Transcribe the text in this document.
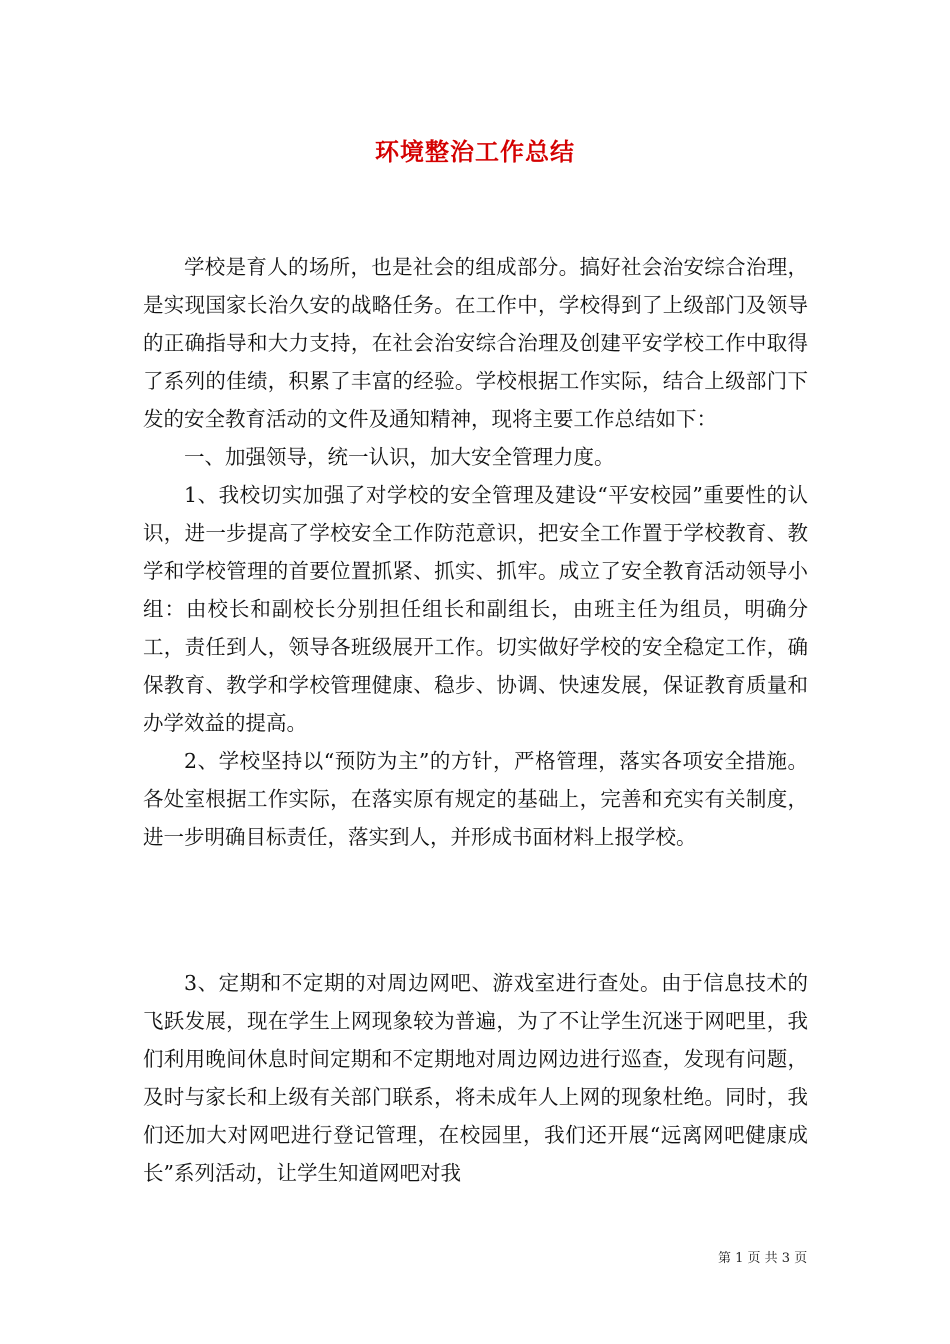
环境整治工作总结

学校是育人的场所，也是社会的组成部分。搞好社会治安综合治理，是实现国家长治久安的战略任务。在工作中，学校得到了上级部门及领导的正确指导和大力支持，在社会治安综合治理及创建平安学校工作中取得了系列的佳绩，积累了丰富的经验。学校根据工作实际，结合上级部门下发的安全教育活动的文件及通知精神，现将主要工作总结如下：

一、加强领导，统一认识，加大安全管理力度。

1、我校切实加强了对学校的安全管理及建设“平安校园”重要性的认识，进一步提高了学校安全工作防范意识，把安全工作置于学校教育、教学和学校管理的首要位置抓紧、抓实、抓牢。成立了安全教育活动领导小组：由校长和副校长分别担任组长和副组长，由班主任为组员，明确分工，责任到人，领导各班级展开工作。切实做好学校的安全稳定工作，确保教育、教学和学校管理健康、稳步、协调、快速发展，保证教育质量和办学效益的提高。

2、学校坚持以“预防为主”的方针，严格管理，落实各项安全措施。各处室根据工作实际，在落实原有规定的基础上，完善和充实有关制度，进一步明确目标责任，落实到人，并形成书面材料上报学校。

3、定期和不定期的对周边网吧、游戏室进行查处。由于信息技术的飞跃发展，现在学生上网现象较为普遍，为了不让学生沉迷于网吧里，我们利用晚间休息时间定期和不定期地对周边网边进行巡查，发现有问题，及时与家长和上级有关部门联系，将未成年人上网的现象杜绝。同时，我们还加大对网吧进行登记管理，在校园里，我们还开展“远离网吧健康成长”系列活动，让学生知道网吧对我

第 1 页 共 3 页
